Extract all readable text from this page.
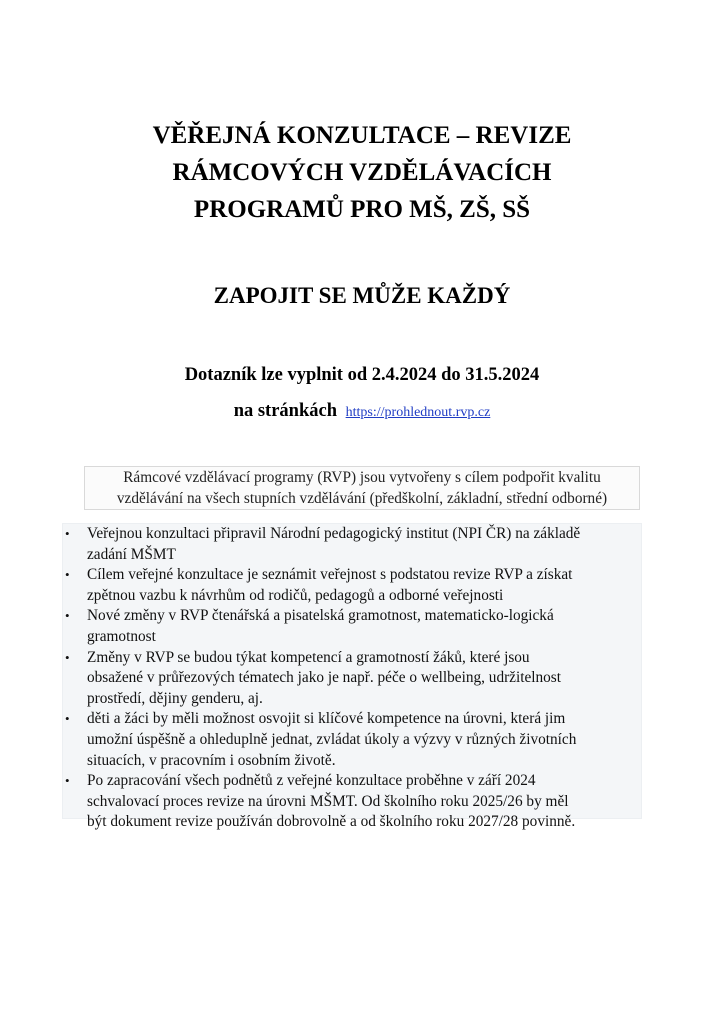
VĚŘEJNÁ KONZULTACE – REVIZE
RÁMCOVÝCH VZDĚLÁVACÍCH
PROGRAMŮ PRO MŠ, ZŠ, SŠ
ZAPOJIT SE MŮŽE KAŽDÝ
Dotazník lze vyplnit od 2.4.2024 do 31.5.2024
na stránkách https://prohlednout.rvp.cz
Rámcové vzdělávací programy (RVP) jsou vytvořeny s cílem podpořit kvalitu
vzdělávání na všech stupních vzdělávání (předškolní, základní, střední odborné)
• Veřejnou konzultaci připravil Národní pedagogický institut (NPI ČR) na základě
zadání MŠMT
• Cílem veřejné konzultace je seznámit veřejnost s podstatou revize RVP a získat
zpětnou vazbu k návrhům od rodičů, pedagogů a odborné veřejnosti
• Nové změny v RVP čtenářská a pisatelská gramotnost, matematicko-logická
gramotnost
• Změny v RVP se budou týkat kompetencí a gramotností žáků, které jsou
obsažené v průřezových tématech jako je např. péče o wellbeing, udržitelnost
prostředí, dějiny genderu, aj.
• děti a žáci by měli možnost osvojit si klíčové kompetence na úrovni, která jim
umožní úspěšně a ohleduplně jednat, zvládat úkoly a výzvy v různých životních
situacích, v pracovním i osobním životě.
• Po zapracování všech podnětů z veřejné konzultace proběhne v září 2024
schvalovací proces revize na úrovni MŠMT. Od školního roku 2025/26 by měl
být dokument revize používán dobrovolně a od školního roku 2027/28 povinně.
